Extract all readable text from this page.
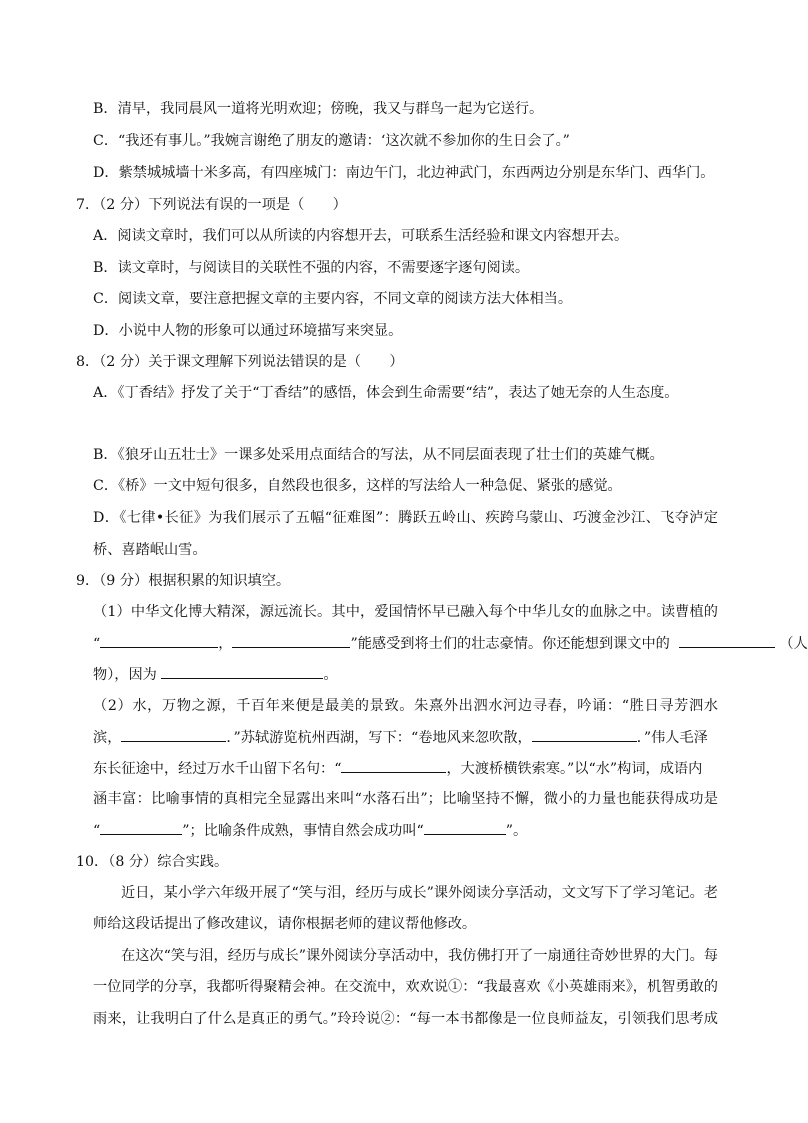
B．清早，我同晨风一道将光明欢迎；傍晚，我又与群鸟一起为它送行。
C．“我还有事儿。”我婉言谢绝了朋友的邀请：‘这次就不参加你的生日会了。”
D．紫禁城城墙十米多高，有四座城门：南边午门，北边神武门，东西两边分别是东华门、西华门。
7．（2 分）下列说法有误的一项是（　　）
A．阅读文章时，我们可以从所读的内容想开去，可联系生活经验和课文内容想开去。
B．读文章时，与阅读目的关联性不强的内容，不需要逐字逐句阅读。
C．阅读文章，要注意把握文章的主要内容，不同文章的阅读方法大体相当。
D．小说中人物的形象可以通过环境描写来突显。
8．（2 分）关于课文理解下列说法错误的是（　　）
A．《丁香结》抒发了关于“丁香结”的感悟，体会到生命需要“结”，表达了她无奈的人生态度。
B．《狼牙山五壮士》一课多处采用点面结合的写法，从不同层面表现了壮士们的英雄气概。
C．《桥》一文中短句很多，自然段也很多，这样的写法给人一种急促、紧张的感觉。
D．《七律•长征》为我们展示了五幅“征难图”：腾跃五岭山、疾跨乌蒙山、巧渡金沙江、飞夺泸定
桥、喜踏岷山雪。
9．（9 分）根据积累的知识填空。
（1）中华文化博大精深，源远流长。其中，爱国情怀早已融入每个中华儿女的血脉之中。读曹植的
“	，	”能感受到将士们的壮志豪情。你还能想到课文中的	（人
物），因为	。
（2）水，万物之源，千百年来便是最美的景致。朱熹外出泗水河边寻春，吟诵：“胜日寻芳泗水
滨，	．”苏轼游览杭州西湖，写下：“卷地风来忽吹散，	．”伟人毛泽
东长征途中，经过万水千山留下名句：“	，大渡桥横铁索寒。”以“水”构词，成语内
涵丰富：比喻事情的真相完全显露出来叫“水落石出”；比喻坚持不懈，微小的力量也能获得成功是
“	”；比喻条件成熟，事情自然会成功叫“	”。
10．（8 分）综合实践。
近日，某小学六年级开展了“笑与泪，经历与成长”课外阅读分享活动，文文写下了学习笔记。老
师给这段话提出了修改建议，请你根据老师的建议帮他修改。
在这次“笑与泪，经历与成长”课外阅读分享活动中，我仿佛打开了一扇通往奇妙世界的大门。每
一位同学的分享，我都听得聚精会神。在交流中，欢欢说①：“我最喜欢《小英雄雨来》，机智勇敢的
雨来，让我明白了什么是真正的勇气。”玲玲说②：“每一本书都像是一位良师益友，引领我们思考成
